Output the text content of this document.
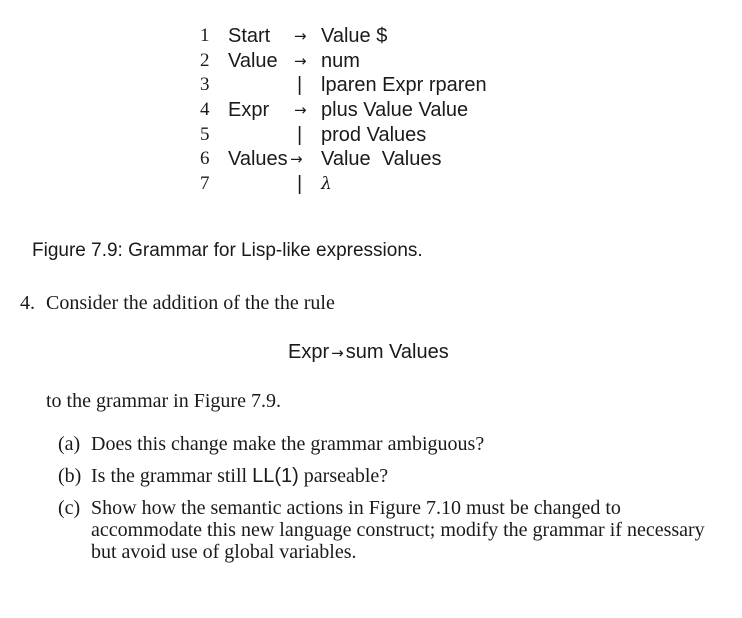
1 Start → Value $
2 Value → num
3	| lparen Expr rparen
4 Expr → plus Value Value
5	| prod Values
6 Values → Value  Values
7	| λ
Figure 7.9: Grammar for Lisp-like expressions.
4. Consider the addition of the the rule
Expr → sum Values
to the grammar in Figure 7.9.
(a) Does this change make the grammar ambiguous?
(b) Is the grammar still LL(1) parseable?
(c) Show how the semantic actions in Figure 7.10 must be changed to accommodate this new language construct; modify the grammar if necessary but avoid use of global variables.
